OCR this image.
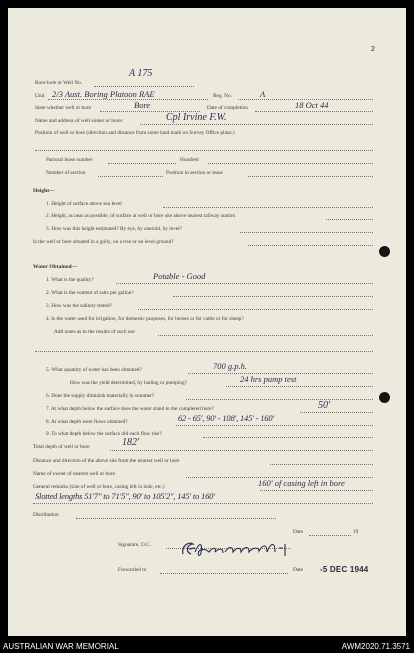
2
Bore-hole or Well No.
A 175
Unit 2/3 Aust. Boring Platoon RAE	Reg. No.	A
State whether well or bore	Bore	Date of completion	18 Oct 44
Name and address of well sinker or borer	Cpl Irvine F.W.
Position of well or bore (direction and distance from some land mark on Survey Office plans.)
Pastoral lease number	Hundred
Number of section	Position in section or lease
Height—
1. Height of surface above sea level
2. Height, as near as possible, of surface at well or bore site above nearest railway station
3. How was this height estimated? By eye, by aneroid, by level?
Is the well or bore situated in a gully, on a rise or on level ground?
Water Obtained—
1. What is the quality?	Potable - Good
2. What is the content of salts per gallon?
3. How was the salinity tested?
4. Is the water used for irrigation, for domestic purposes, for horses or for cattle or for sheep?
Add notes as to the results of such use
5. What quantity of water has been obtained?	700 g.p.h.
How was the yield determined, by bailing or pumping?	24 hrs pump test
6. Does the supply diminish materially in summer?
7. At what depth below the surface does the water stand in the completed bore?	50'
8. At what depth were flows obtained?	62 - 65', 90' - 108', 145' - 160'
9. To what depth below the surface did each flow rise?
Total depth of well or bore	182'
Distance and direction of the above site from the nearest well or bore
Name of owner of nearest well or bore
General remarks (size of well or bore, casing left in hole, etc.)	160' of casing left in bore
Slotted lengths 51'7" to 71'5", 90' to 105'2", 145' to 160'
Distribution
Date	19
Signature, O.C.
Forwarded to	Date -5 DEC 1944
AUSTRALIAN WAR MEMORIAL	AWM2020.71.3571
